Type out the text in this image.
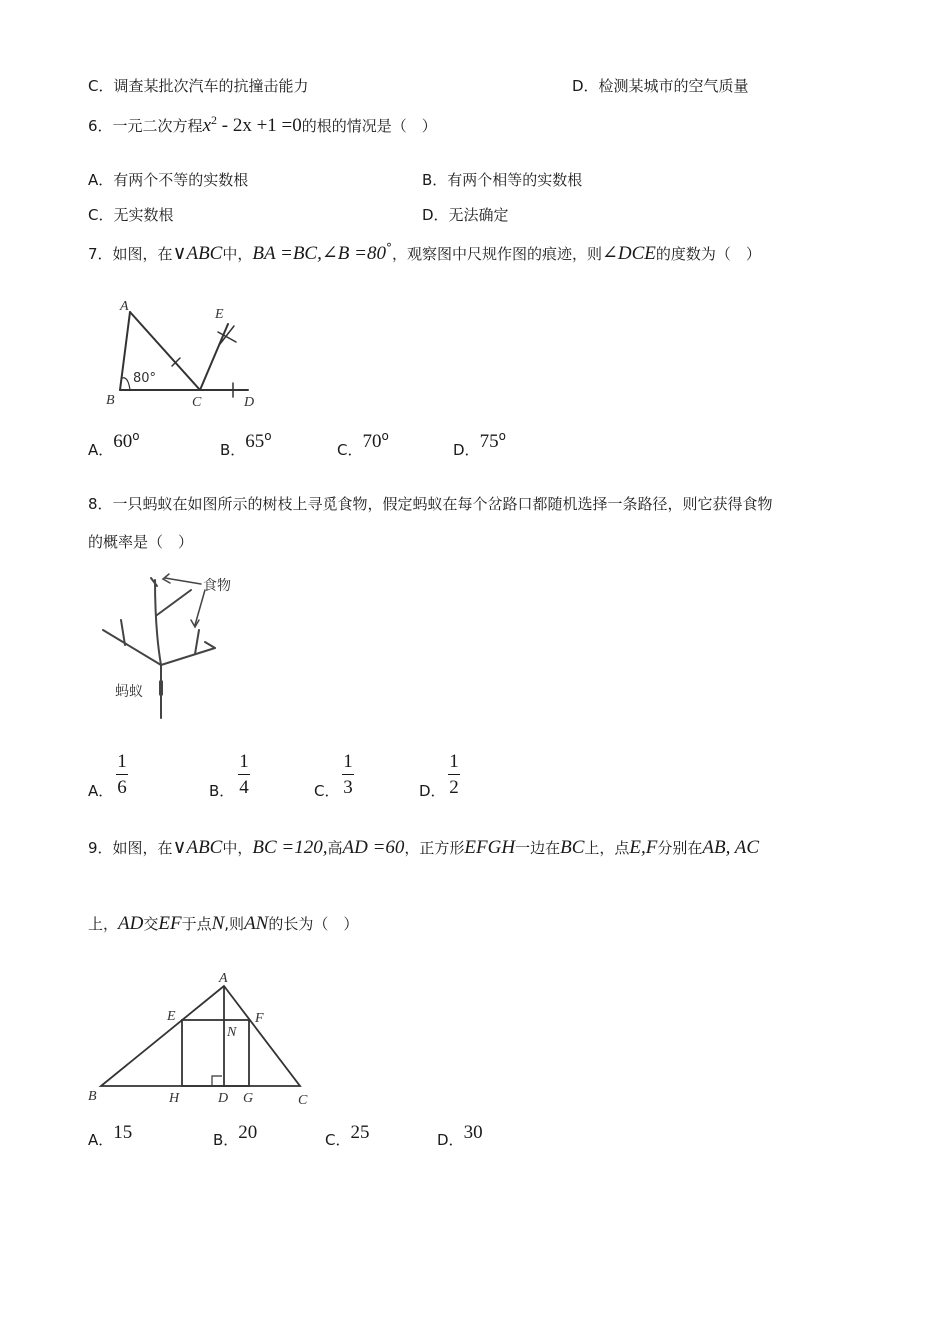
C．调查某批次汽车的抗撞击能力	D．检测某城市的空气质量
6．一元二次方程$x^2 - 2x +1 =0$的根的情况是（　）
A．有两个不等的实数根	B．有两个相等的实数根
C．无实数根	D．无法确定
7．如图，在∨ABC中，BA =BC,∠B =80°，观察图中尺规作图的痕迹，则∠DCE的度数为（　）
A
B	C	D
E
80°
A．60$^o$
B．65$^o$
C．70$^o$
D．75$^o$
8．一只蚂蚁在如图所示的树枝上寻觅食物，假定蚂蚁在每个岔路口都随机选择一条路径，则它获得食物
的概率是（　）
食物
蚂蚁
A．
1
6	B．
1
4	C．
1
3	D．
1
2
9．如图，在∨ABC中，BC =120,高AD =60，正方形EFGH一边在BC上，点E,F分别在AB, AC
上，AD交EF于点N,则AN的长为（　）
A
B	C
D
E	F
G
H
N
A．15	B．20	C．25	D．30
